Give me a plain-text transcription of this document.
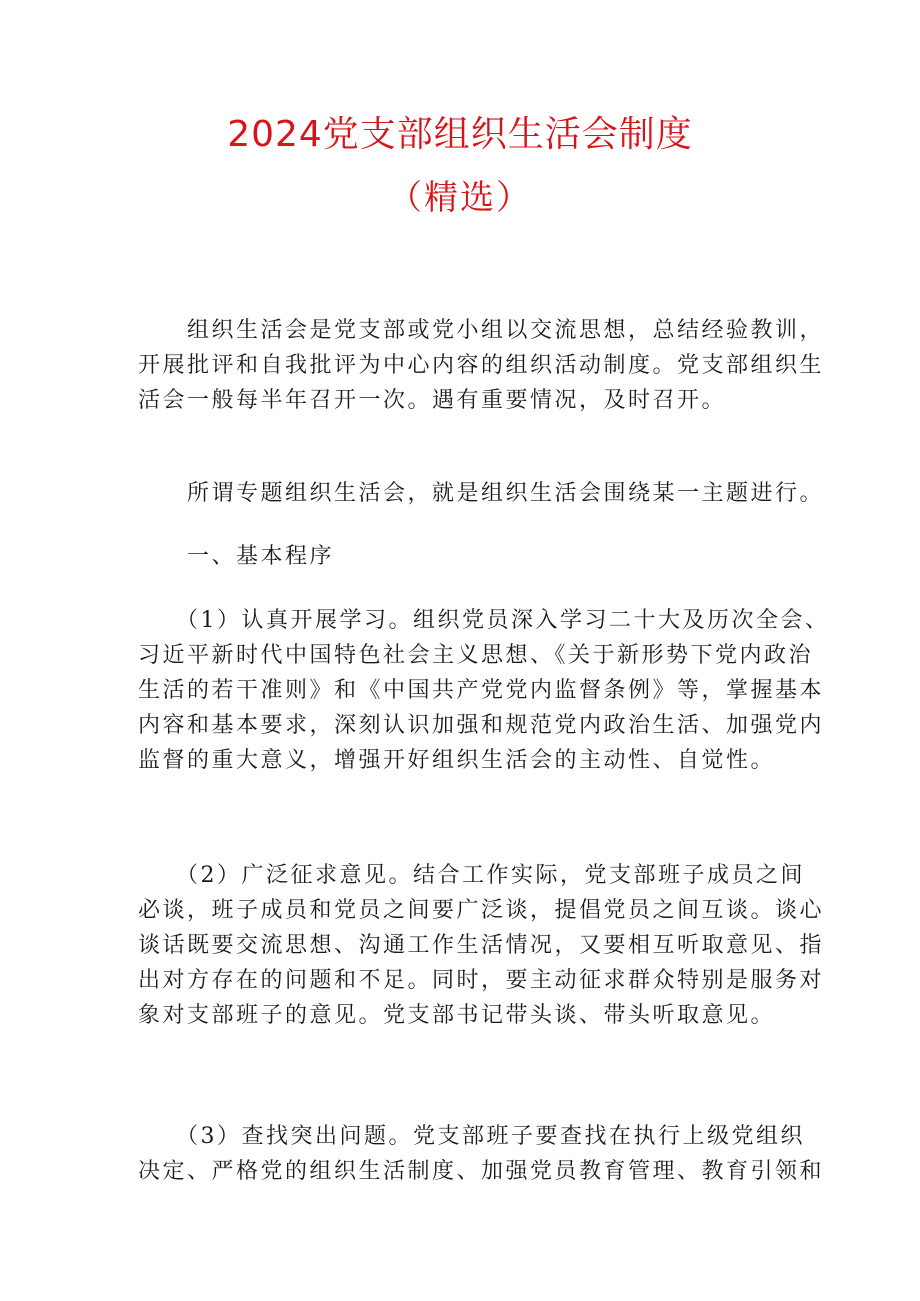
2024党支部组织生活会制度
（精选）

　　组织生活会是党支部或党小组以交流思想，总结经验教训，
开展批评和自我批评为中心内容的组织活动制度。党支部组织生
活会一般每半年召开一次。遇有重要情况，及时召开。

　　所谓专题组织生活会，就是组织生活会围绕某一主题进行。

　　一、基本程序

　　（1）认真开展学习。组织党员深入学习二十大及历次全会、
习近平新时代中国特色社会主义思想、《关于新形势下党内政治
生活的若干准则》和《中国共产党党内监督条例》等，掌握基本
内容和基本要求，深刻认识加强和规范党内政治生活、加强党内
监督的重大意义，增强开好组织生活会的主动性、自觉性。

　　（2）广泛征求意见。结合工作实际，党支部班子成员之间
必谈，班子成员和党员之间要广泛谈，提倡党员之间互谈。谈心
谈话既要交流思想、沟通工作生活情况，又要相互听取意见、指
出对方存在的问题和不足。同时，要主动征求群众特别是服务对
象对支部班子的意见。党支部书记带头谈、带头听取意见。

　　（3）查找突出问题。党支部班子要查找在执行上级党组织
决定、严格党的组织生活制度、加强党员教育管理、教育引领和
